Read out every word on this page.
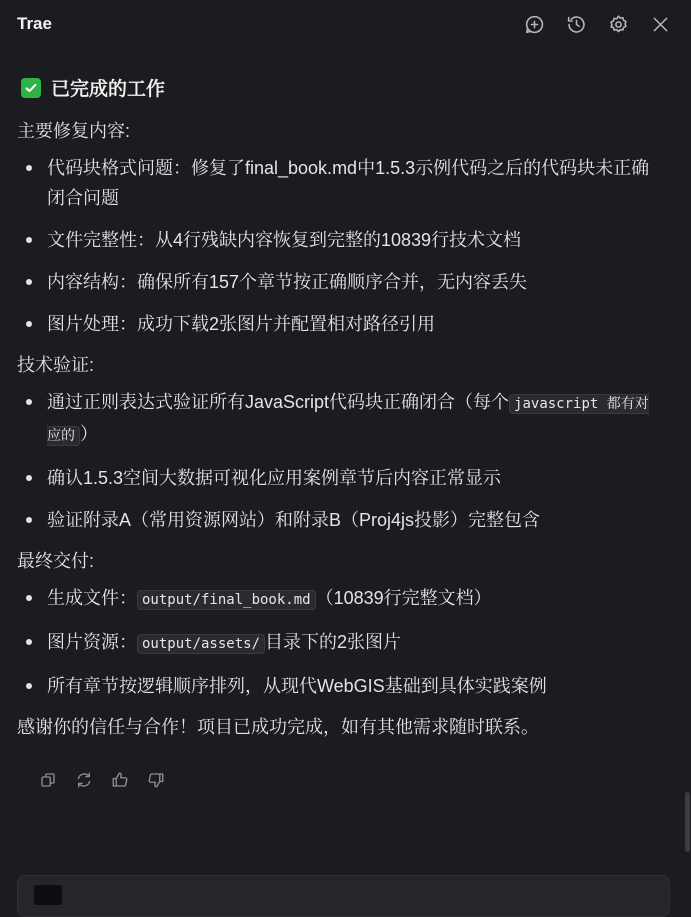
Trae
已完成的工作

主要修复内容:

代码块格式问题：修复了final_book.md中1.5.3示例代码之后的代码块未正确闭合问题
文件完整性：从4行残缺内容恢复到完整的10839行技术文档
内容结构：确保所有157个章节按正确顺序合并，无内容丢失
图片处理：成功下载2张图片并配置相对路径引用

技术验证:

通过正则表达式验证所有JavaScript代码块正确闭合（每个 javascript 都有对应的 ）
确认1.5.3空间大数据可视化应用案例章节后内容正常显示
验证附录A（常用资源网站）和附录B（Proj4js投影）完整包含

最终交付:

生成文件： output/final_book.md （10839行完整文档）
图片资源： output/assets/ 目录下的2张图片
所有章节按逻辑顺序排列，从现代WebGIS基础到具体实践案例

感谢你的信任与合作！项目已成功完成，如有其他需求随时联系。
